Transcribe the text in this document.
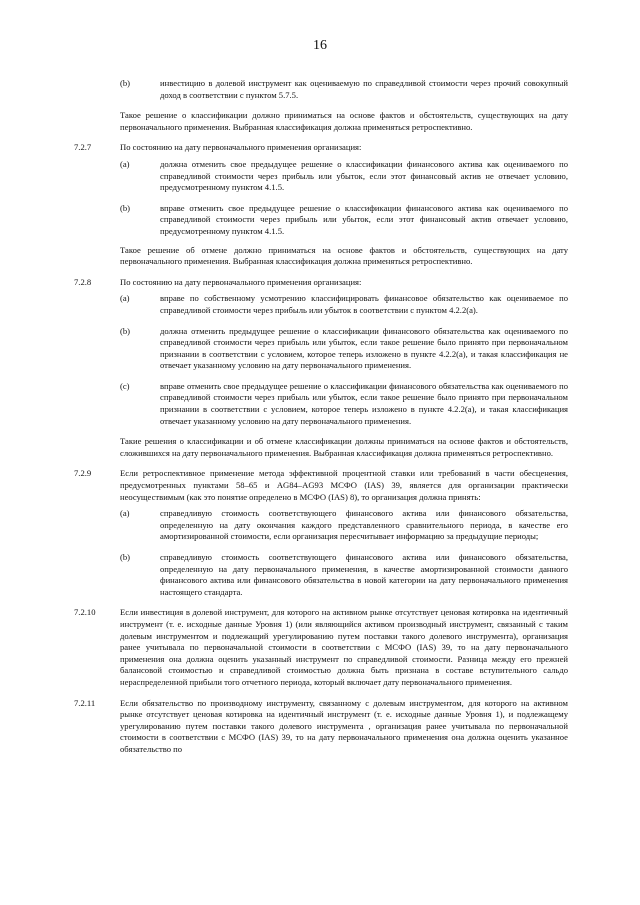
16
(b)	инвестицию в долевой инструмент как оцениваемую по справедливой стоимости через прочий совокупный доход в соответствии с пунктом 5.7.5.
Такое решение о классификации должно приниматься на основе фактов и обстоятельств, существующих на дату первоначального применения. Выбранная классификация должна применяться ретроспективно.
7.2.7	По состоянию на дату первоначального применения организация:
(a)	должна отменить свое предыдущее решение о классификации финансового актива как оцениваемого по справедливой стоимости через прибыль или убыток, если этот финансовый актив не отвечает условию, предусмотренному пунктом 4.1.5.
(b)	вправе отменить свое предыдущее решение о классификации финансового актива как оцениваемого по справедливой стоимости через прибыль или убыток, если этот финансовый актив отвечает условию, предусмотренному пунктом 4.1.5.
Такое решение об отмене должно приниматься на основе фактов и обстоятельств, существующих на дату первоначального применения. Выбранная классификация должна применяться ретроспективно.
7.2.8	По состоянию на дату первоначального применения организация:
(a)	вправе по собственному усмотрению классифицировать финансовое обязательство как оцениваемое по справедливой стоимости через прибыль или убыток в соответствии с пунктом 4.2.2(a).
(b)	должна отменить предыдущее решение о классификации финансового обязательства как оцениваемого по справедливой стоимости через прибыль или убыток, если такое решение было принято при первоначальном признании в соответствии с условием, которое теперь изложено в пункте 4.2.2(a), и такая классификация не отвечает указанному условию на дату первоначального применения.
(c)	вправе отменить свое предыдущее решение о классификации финансового обязательства как оцениваемого по справедливой стоимости через прибыль или убыток, если такое решение было принято при первоначальном признании в соответствии с условием, которое теперь изложено в пункте 4.2.2(a), и такая классификация отвечает указанному условию на дату первоначального применения.
Такие решения о классификации и об отмене классификации должны приниматься на основе фактов и обстоятельств, сложившихся на дату первоначального применения. Выбранная классификация должна применяться ретроспективно.
7.2.9	Если ретроспективное применение метода эффективной процентной ставки или требований в части обесценения, предусмотренных пунктами 58–65 и AG84–AG93 МСФО (IAS) 39, является для организации практически неосуществимым (как это понятие определено в МСФО (IAS) 8), то организация должна принять:
(a)	справедливую стоимость соответствующего финансового актива или финансового обязательства, определенную на дату окончания каждого представленного сравнительного периода, в качестве его амортизированной стоимости, если организация пересчитывает информацию за предыдущие периоды;
(b)	справедливую стоимость соответствующего финансового актива или финансового обязательства, определенную на дату первоначального применения, в качестве амортизированной стоимости данного финансового актива или финансового обязательства в новой категории на дату первоначального применения настоящего стандарта.
7.2.10	Если инвестиция в долевой инструмент, для которого на активном рынке отсутствует ценовая котировка на идентичный инструмент (т. е. исходные данные Уровня 1) (или являющийся активом производный инструмент, связанный с таким долевым инструментом и подлежащий урегулированию путем поставки такого долевого инструмента), организация ранее учитывала по первоначальной стоимости в соответствии с МСФО (IAS) 39, то на дату первоначального применения она должна оценить указанный инструмент по справедливой стоимости. Разница между его прежней балансовой стоимостью и справедливой стоимостью должна быть признана в составе вступительного сальдо нераспределенной прибыли того отчетного периода, который включает дату первоначального применения.
7.2.11	Если обязательство по производному инструменту, связанному с долевым инструментом, для которого на активном рынке отсутствует ценовая котировка на идентичный инструмент (т. е. исходные данные Уровня 1), и подлежащему урегулированию путем поставки такого долевого инструмента , организация ранее учитывала по первоначальной стоимости в соответствии с МСФО (IAS) 39, то на дату первоначального применения она должна оценить указанное обязательство по
